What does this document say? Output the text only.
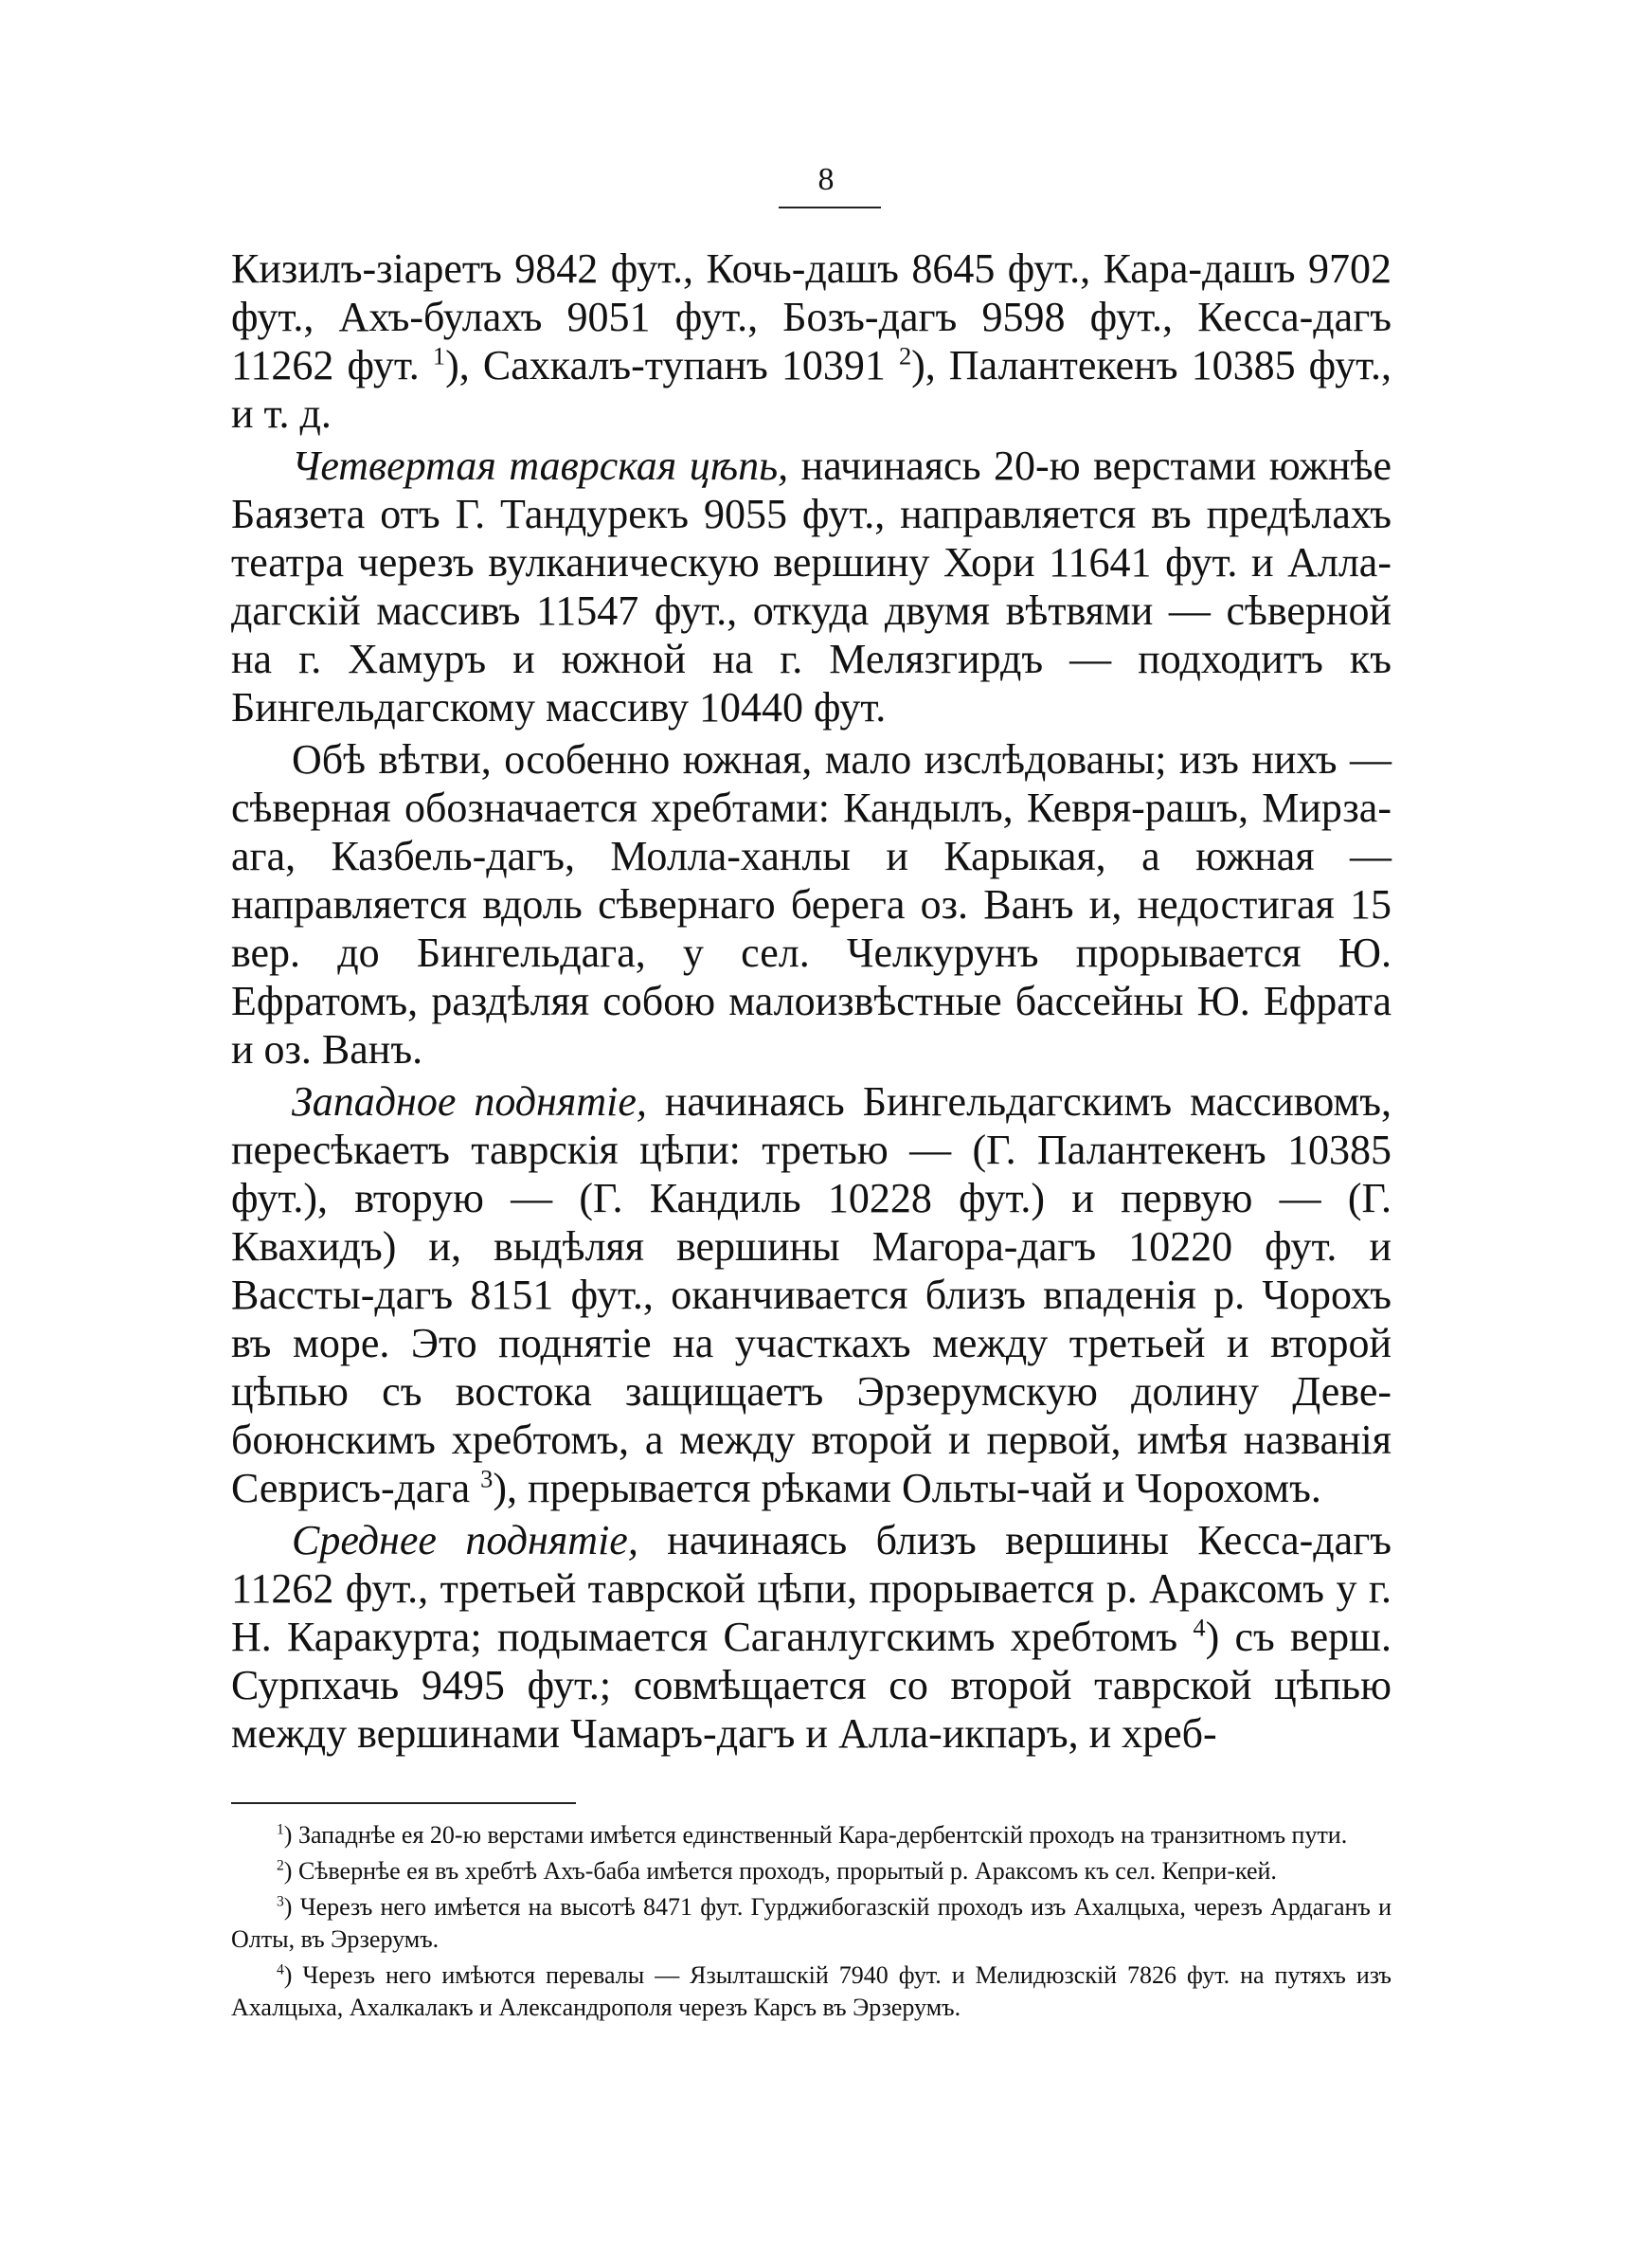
8

Кизилъ-зіаретъ 9842 фут., Кочь-дашъ 8645 фут., Кара-дашъ 9702 фут., Ахъ-булахъ 9051 фут., Бозъ-дагъ 9598 фут., Кесса-дагъ 11262 фут. $^1$), Сахкалъ-тупанъ 10391 $^2$), Палантекенъ 10385 фут., и т. д.

Четвертая таврская цѣпь, начинаясь 20-ю верстами южнѣе Баязета отъ Г. Тандурекъ 9055 фут., направляется въ предѣлахъ театра черезъ вулканическую вершину Хори 11641 фут. и Алла-дагскій массивъ 11547 фут., откуда двумя вѣтвями — сѣверной на г. Хамуръ и южной на г. Мелязгирдъ — подходитъ къ Бингельдагскому массиву 10440 фут.

Обѣ вѣтви, особенно южная, мало изслѣдованы; изъ нихъ — сѣверная обозначается хребтами: Кандылъ, Кевря-рашъ, Мирза-ага, Казбель-дагъ, Молла-ханлы и Карыкая, а южная — направляется вдоль сѣвернаго берега оз. Ванъ и, недостигая 15 вер. до Бингельдага, у сел. Челкурунъ прорывается Ю. Ефратомъ, раздѣляя собою малоизвѣстные бассейны Ю. Ефрата и оз. Ванъ.

Западное поднятіе, начинаясь Бингельдагскимъ массивомъ, пересѣкаетъ таврскія цѣпи: третью — (Г. Палантекенъ 10385 фут.), вторую — (Г. Кандиль 10228 фут.) и первую — (Г. Квахидъ) и, выдѣляя вершины Магора-дагъ 10220 фут. и Вассты-дагъ 8151 фут., оканчивается близъ впаденія р. Чорохъ въ море. Это поднятіе на участкахъ между третьей и второй цѣпью съ востока защищаетъ Эрзерумскую долину Деве-боюнскимъ хребтомъ, а между второй и первой, имѣя названія Севрисъ-дага $^3$), прерывается рѣками Ольты-чай и Чорохомъ.

Среднее поднятіе, начинаясь близъ вершины Кесса-дагъ 11262 фут., третьей таврской цѣпи, прорывается р. Араксомъ у г. Н. Каракурта; подымается Саганлугскимъ хребтомъ $^4$) съ верш. Сурпхачь 9495 фут.; совмѣщается со второй таврской цѣпью между вершинами Чамаръ-дагъ и Алла-икпаръ, и хреб-

$^1$) Западнѣе ея 20-ю верстами имѣется единственный Кара-дербентскій проходъ на транзитномъ пути.

$^2$) Сѣвернѣе ея въ хребтѣ Ахъ-баба имѣется проходъ, прорытый р. Араксомъ къ сел. Кепри-кей.

$^3$) Черезъ него имѣется на высотѣ 8471 фут. Гурджибогазскій проходъ изъ Ахалцыха, черезъ Ардаганъ и Олты, въ Эрзерумъ.

$^4$) Черезъ него имѣются перевалы — Язылташскій 7940 фут. и Мелидюзскій 7826 фут. на путяхъ изъ Ахалцыха, Ахалкалакъ и Александрополя черезъ Карсъ въ Эрзерумъ.
